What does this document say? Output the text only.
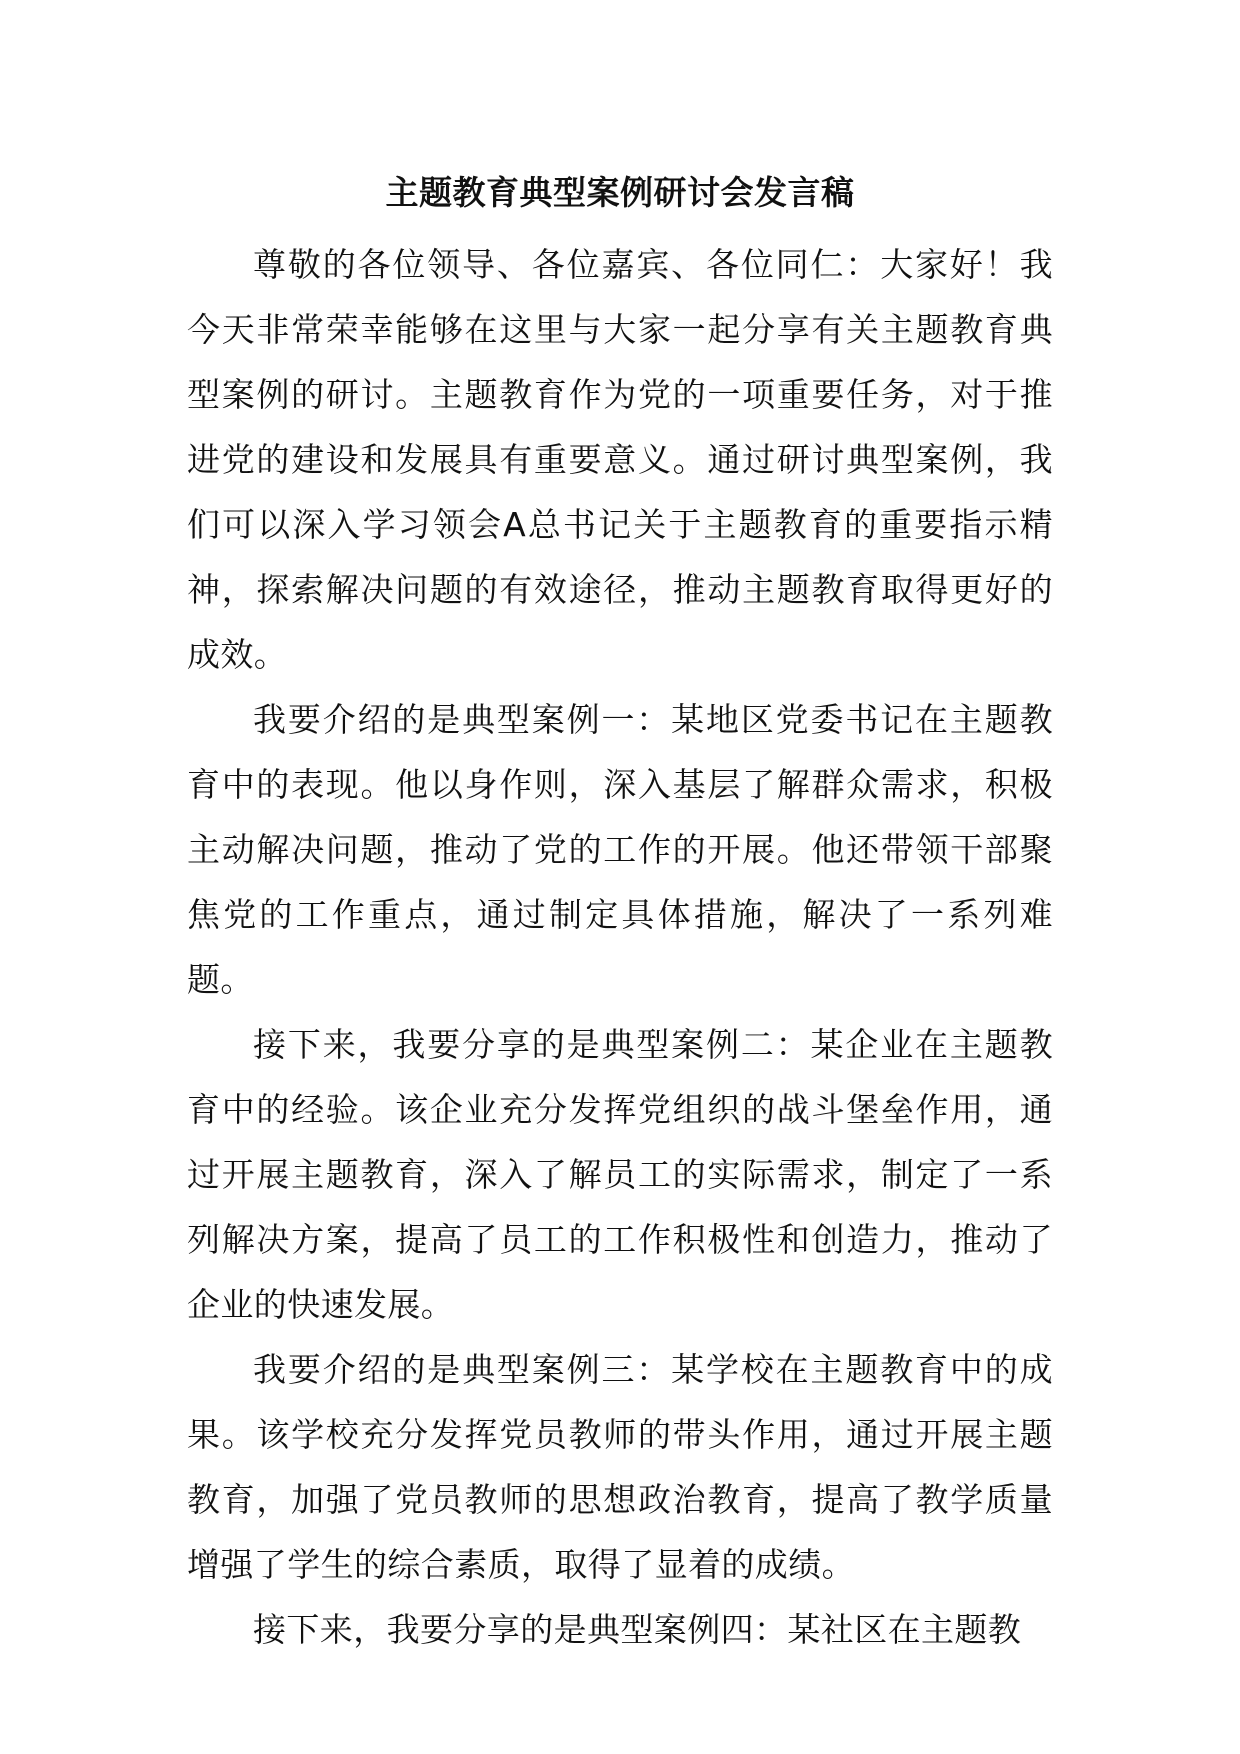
主题教育典型案例研讨会发言稿

尊敬的各位领导、各位嘉宾、各位同仁：大家好！我今天非常荣幸能够在这里与大家一起分享有关主题教育典型案例的研讨。主题教育作为党的一项重要任务，对于推进党的建设和发展具有重要意义。通过研讨典型案例，我们可以深入学习领会A总书记关于主题教育的重要指示精神，探索解决问题的有效途径，推动主题教育取得更好的成效。

我要介绍的是典型案例一：某地区党委书记在主题教育中的表现。他以身作则，深入基层了解群众需求，积极主动解决问题，推动了党的工作的开展。他还带领干部聚焦党的工作重点，通过制定具体措施，解决了一系列难题。

接下来，我要分享的是典型案例二：某企业在主题教育中的经验。该企业充分发挥党组织的战斗堡垒作用，通过开展主题教育，深入了解员工的实际需求，制定了一系列解决方案，提高了员工的工作积极性和创造力，推动了企业的快速发展。

我要介绍的是典型案例三：某学校在主题教育中的成果。该学校充分发挥党员教师的带头作用，通过开展主题教育，加强了党员教师的思想政治教育，提高了教学质量增强了学生的综合素质，取得了显着的成绩。

接下来，我要分享的是典型案例四：某社区在主题教
